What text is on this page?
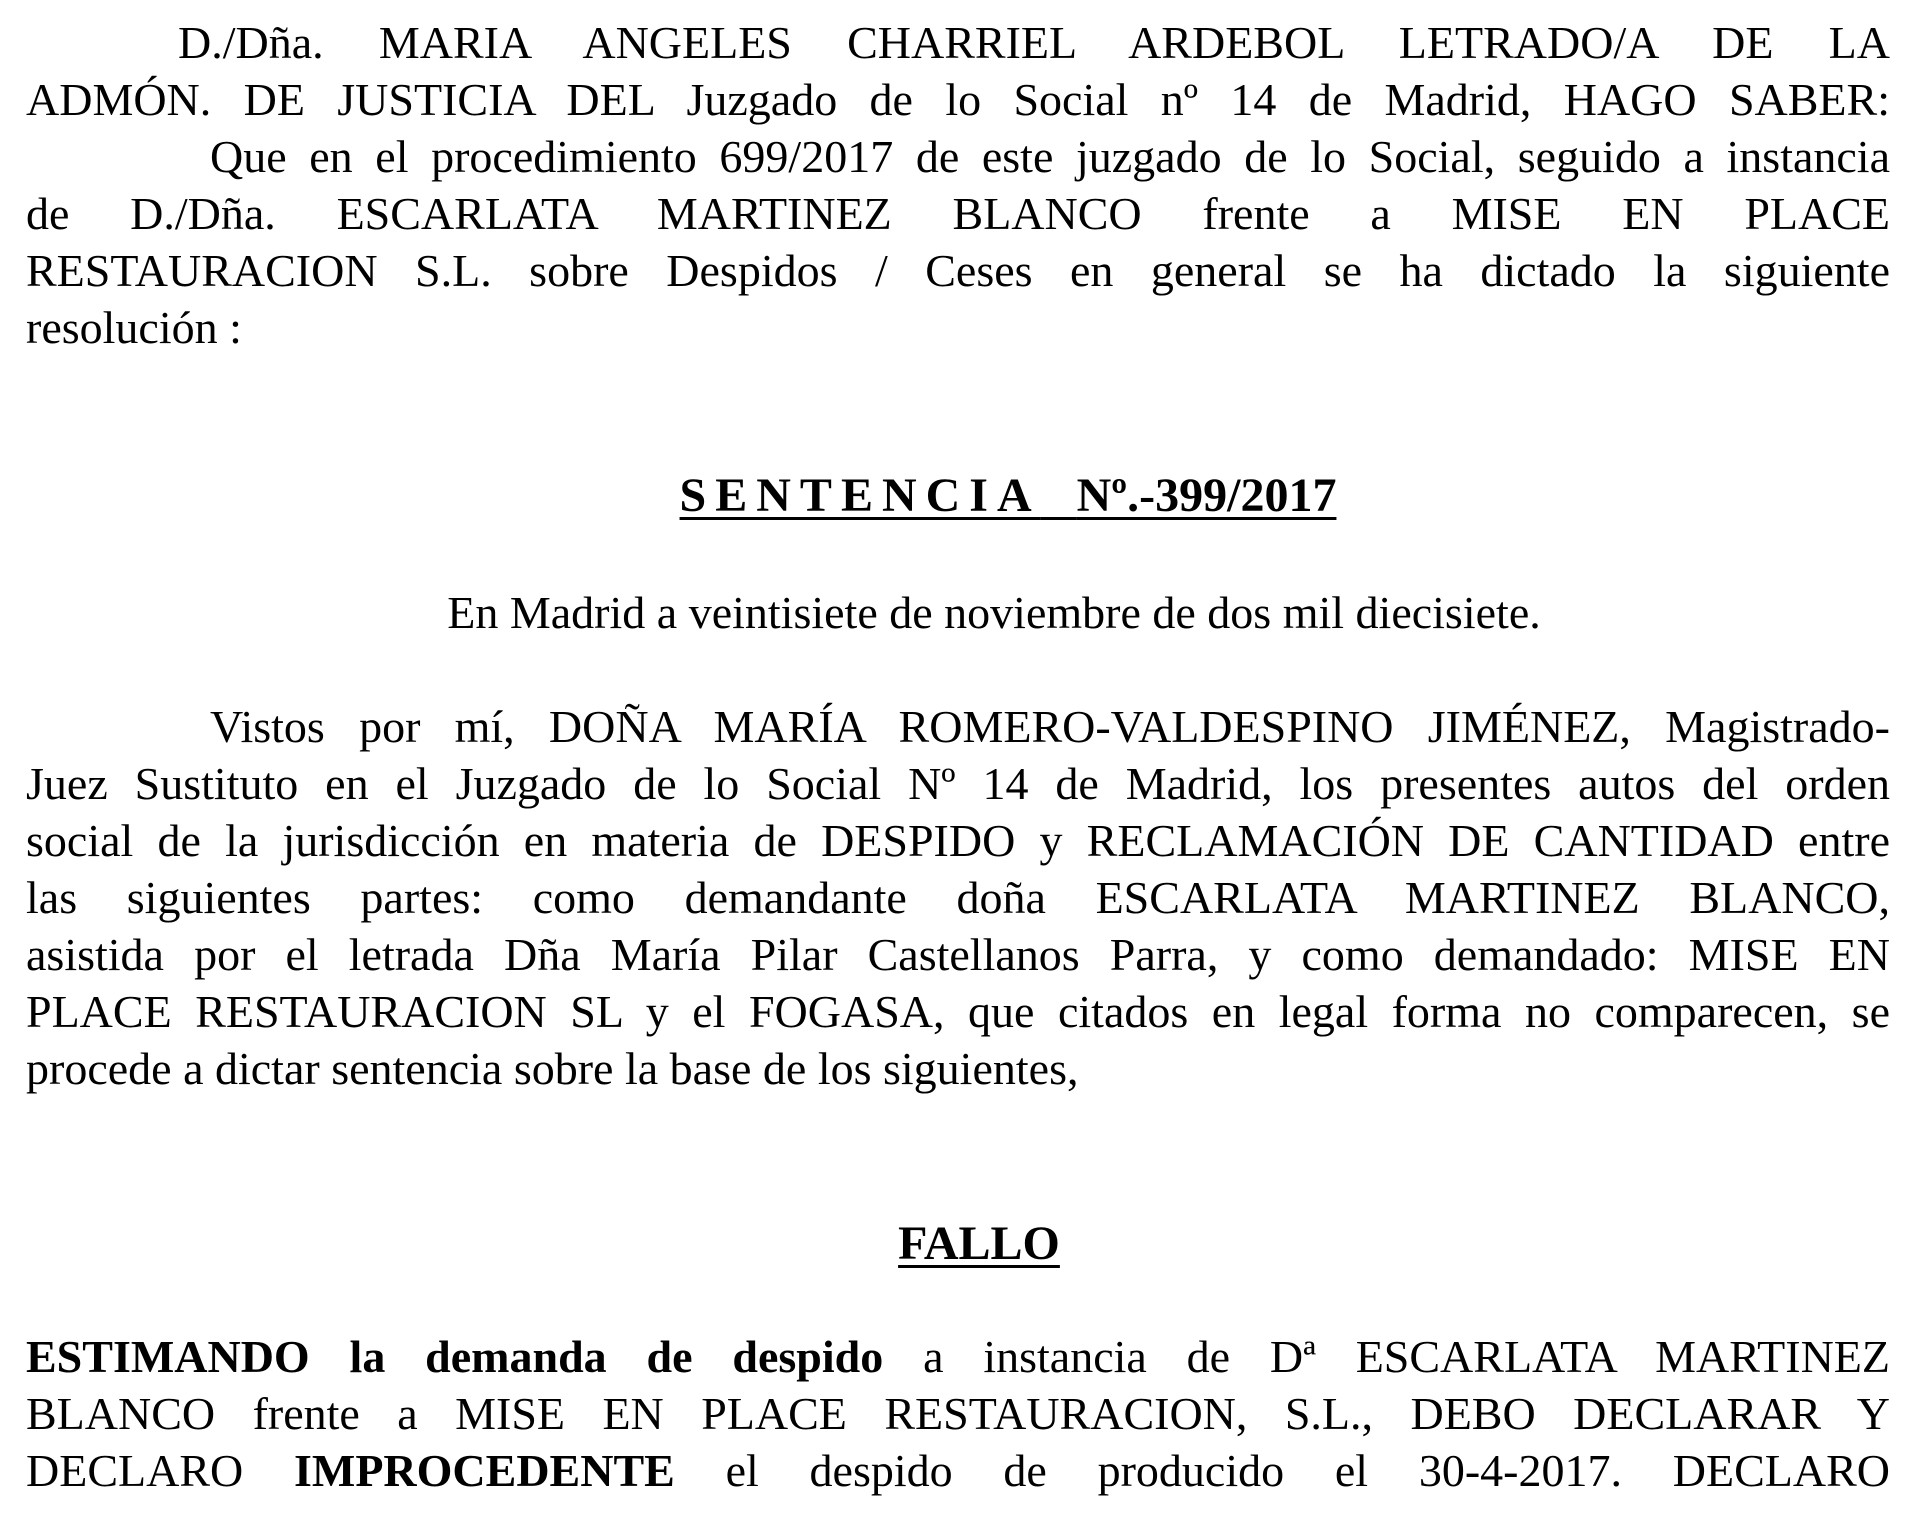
D./Dña. MARIA ANGELES CHARRIEL ARDEBOL LETRADO/A DE LA
ADMÓN. DE JUSTICIA DEL Juzgado de lo Social nº 14 de Madrid, HAGO SABER:
Que en el procedimiento 699/2017 de este juzgado de lo Social, seguido a instancia
de D./Dña. ESCARLATA MARTINEZ BLANCO frente a MISE EN PLACE
RESTAURACION S.L. sobre Despidos / Ceses en general se ha dictado la siguiente
resolución :

SENTENCIA Nº.-399/2017

En Madrid a veintisiete de noviembre de dos mil diecisiete.

Vistos por mí, DOÑA MARÍA ROMERO-VALDESPINO JIMÉNEZ, Magistrado-
Juez Sustituto en el Juzgado de lo Social Nº 14 de Madrid, los presentes autos del orden
social de la jurisdicción en materia de DESPIDO y RECLAMACIÓN DE CANTIDAD entre
las siguientes partes: como demandante doña ESCARLATA MARTINEZ BLANCO,
asistida por el letrada Dña María Pilar Castellanos Parra, y como demandado: MISE EN
PLACE RESTAURACION SL y el FOGASA, que citados en legal forma no comparecen, se
procede a dictar sentencia sobre la base de los siguientes,

FALLO

ESTIMANDO la demanda de despido a instancia de Dª ESCARLATA MARTINEZ
BLANCO frente a MISE EN PLACE RESTAURACION, S.L., DEBO DECLARAR Y
DECLARO IMPROCEDENTE el despido de producido el 30-4-2017. DECLARO
